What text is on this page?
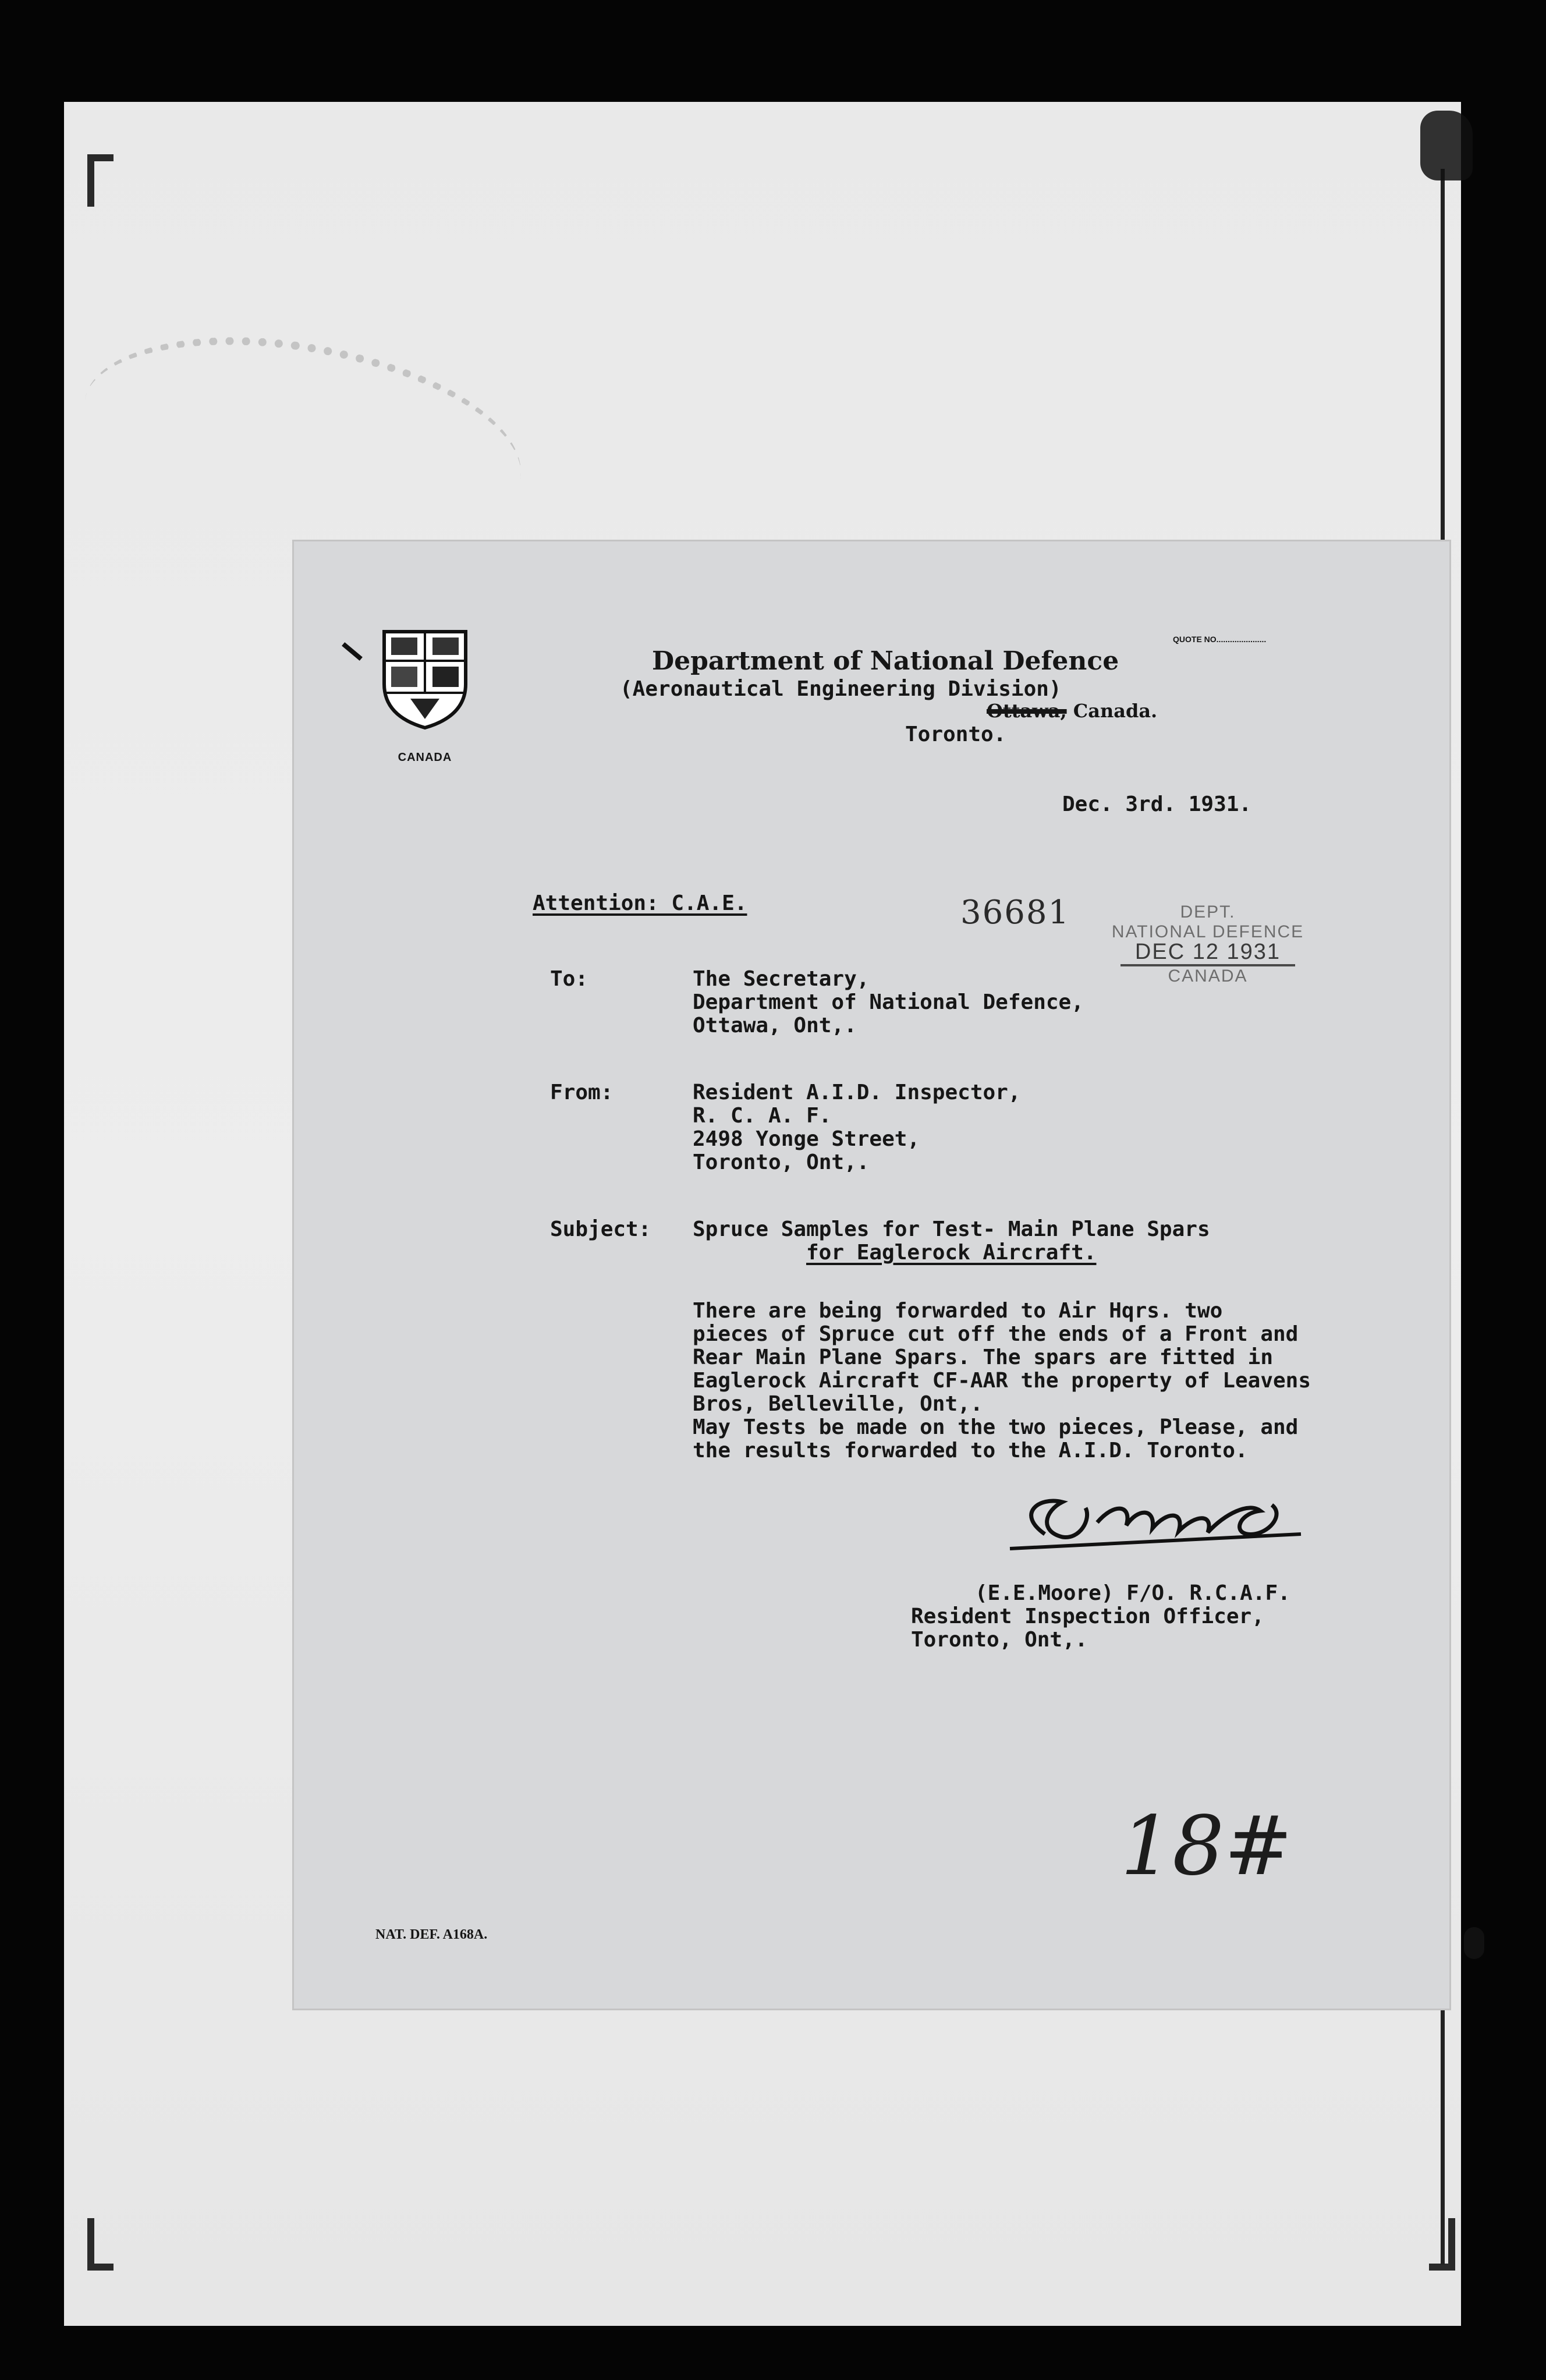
CANADA
QUOTE NO......................
Department of National Defence
(Aeronautical Engineering Division)
Ottawa, Canada.
Toronto.
Dec. 3rd. 1931.
Attention: C.A.E.	36681	DEPT.
NATIONAL DEFENCE
DEC 12 1931
CANADA
To:	The Secretary,
Department of National Defence,
Ottawa, Ont,.
From:	Resident A.I.D. Inspector,
R. C. A. F.
2498 Yonge Street,
Toronto, Ont,.
Subject: Spruce Samples for Test- Main Plane Spars
for Eaglerock Aircraft.
There are being forwarded to Air Hqrs. two
pieces of Spruce cut off the ends of a Front and
Rear Main Plane Spars. The spars are fitted in
Eaglerock Aircraft CF-AAR the property of Leavens
Bros, Belleville, Ont,.
May Tests be made on the two pieces, Please, and
the results forwarded to the A.I.D. Toronto.
(E.E.Moore) F/O. R.C.A.F.
Resident Inspection Officer,
Toronto, Ont,.
18#
NAT. DEF. A168A.
